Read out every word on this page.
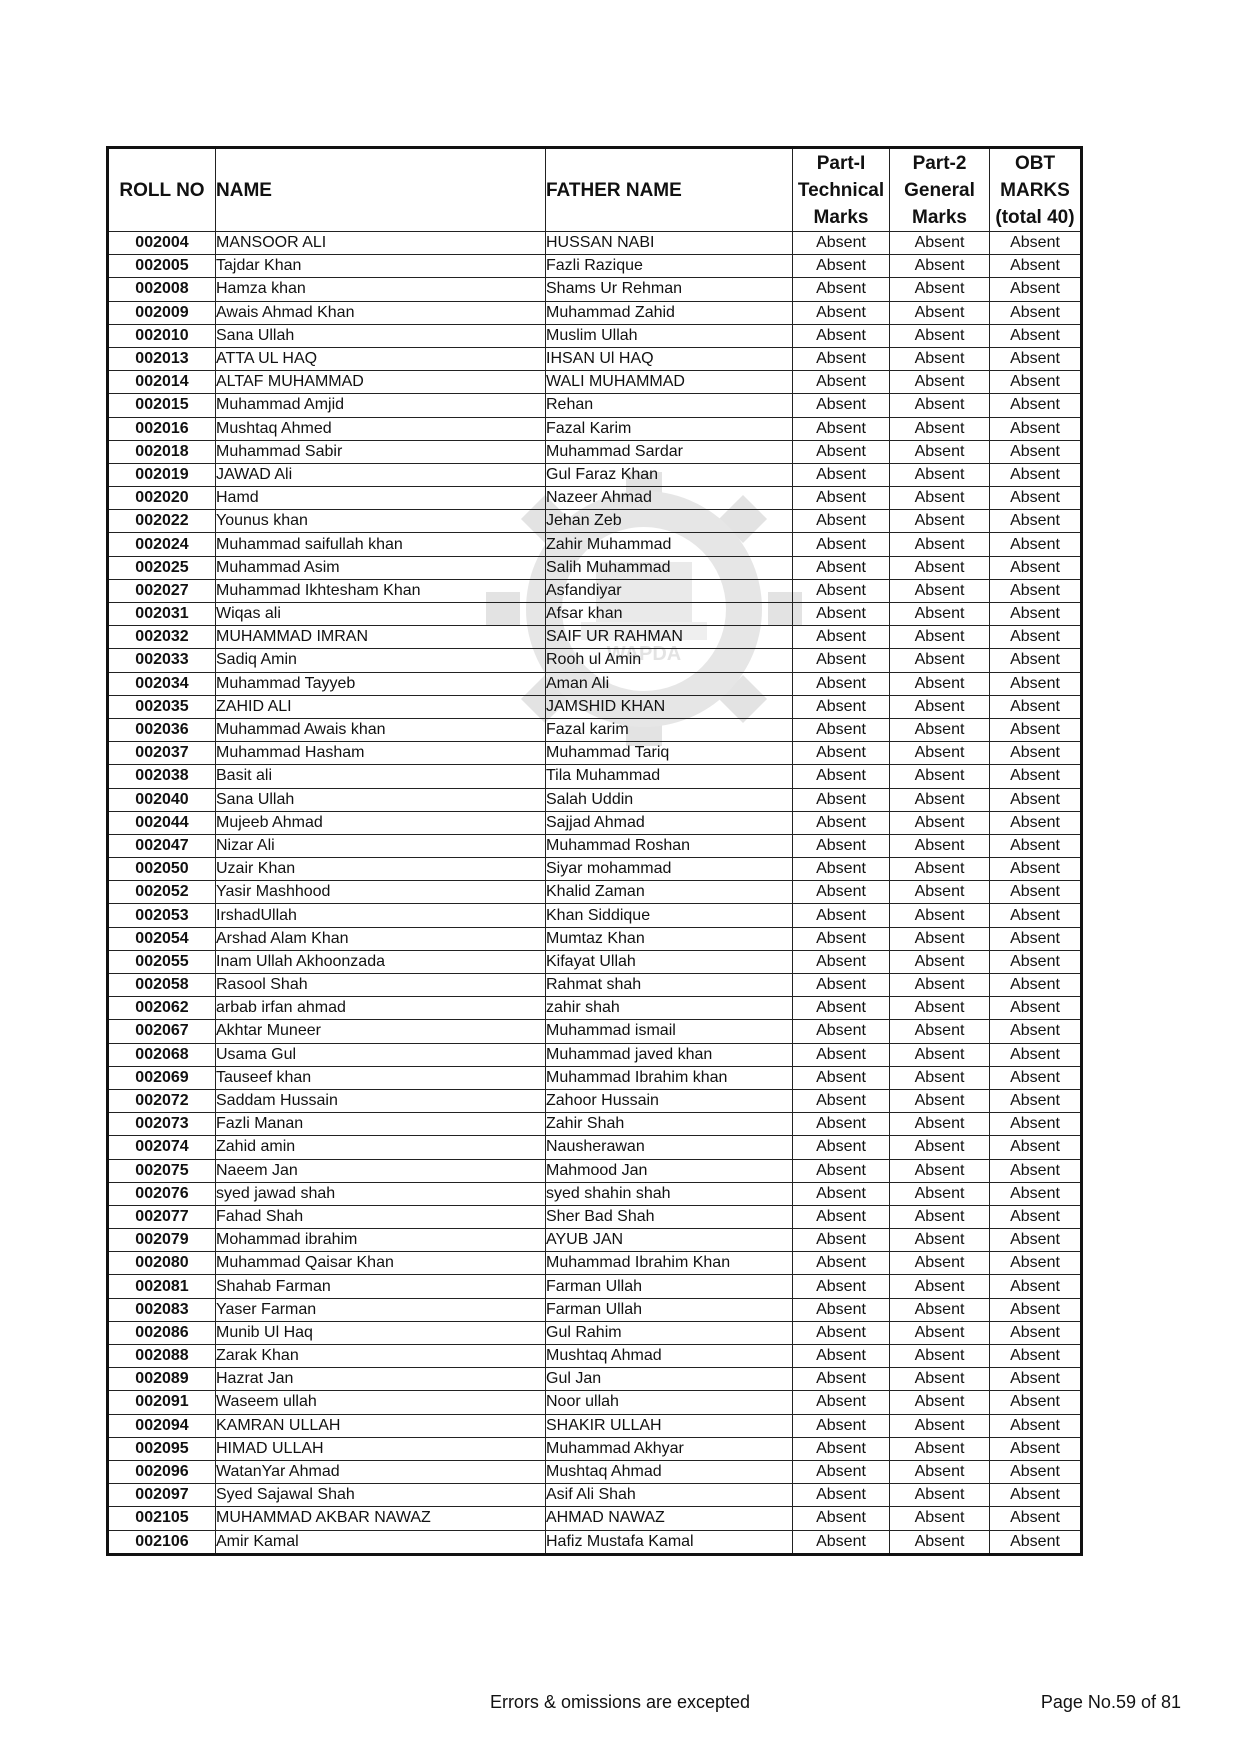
WAPDA
ROLL NO	NAME	FATHER NAME	Part-I
Technical
Marks	Part-2
General
Marks	OBT
MARKS
(total 40)
002004	MANSOOR ALI	HUSSAN NABI	Absent	Absent	Absent
002005	Tajdar Khan	Fazli Razique	Absent	Absent	Absent
002008	Hamza khan	Shams Ur Rehman	Absent	Absent	Absent
002009	Awais Ahmad Khan	Muhammad Zahid	Absent	Absent	Absent
002010	Sana Ullah	Muslim Ullah	Absent	Absent	Absent
002013	ATTA UL HAQ	IHSAN Ul HAQ	Absent	Absent	Absent
002014	ALTAF MUHAMMAD	WALI MUHAMMAD	Absent	Absent	Absent
002015	Muhammad Amjid	Rehan	Absent	Absent	Absent
002016	Mushtaq Ahmed	Fazal Karim	Absent	Absent	Absent
002018	Muhammad Sabir	Muhammad Sardar	Absent	Absent	Absent
002019	JAWAD Ali	Gul Faraz Khan	Absent	Absent	Absent
002020	Hamd	Nazeer Ahmad	Absent	Absent	Absent
002022	Younus khan	Jehan Zeb	Absent	Absent	Absent
002024	Muhammad saifullah khan	Zahir Muhammad	Absent	Absent	Absent
002025	Muhammad Asim	Salih Muhammad	Absent	Absent	Absent
002027	Muhammad Ikhtesham Khan	Asfandiyar	Absent	Absent	Absent
002031	Wiqas ali	Afsar khan	Absent	Absent	Absent
002032	MUHAMMAD IMRAN	SAIF UR RAHMAN	Absent	Absent	Absent
002033	Sadiq Amin	Rooh ul Amin	Absent	Absent	Absent
002034	Muhammad Tayyeb	Aman Ali	Absent	Absent	Absent
002035	ZAHID ALI	JAMSHID KHAN	Absent	Absent	Absent
002036	Muhammad Awais khan	Fazal karim	Absent	Absent	Absent
002037	Muhammad Hasham	Muhammad Tariq	Absent	Absent	Absent
002038	Basit ali	Tila Muhammad	Absent	Absent	Absent
002040	Sana Ullah	Salah Uddin	Absent	Absent	Absent
002044	Mujeeb Ahmad	Sajjad Ahmad	Absent	Absent	Absent
002047	Nizar Ali	Muhammad Roshan	Absent	Absent	Absent
002050	Uzair Khan	Siyar mohammad	Absent	Absent	Absent
002052	Yasir Mashhood	Khalid Zaman	Absent	Absent	Absent
002053	IrshadUllah	Khan Siddique	Absent	Absent	Absent
002054	Arshad Alam Khan	Mumtaz Khan	Absent	Absent	Absent
002055	Inam Ullah Akhoonzada	Kifayat Ullah	Absent	Absent	Absent
002058	Rasool Shah	Rahmat shah	Absent	Absent	Absent
002062	arbab irfan ahmad	zahir shah	Absent	Absent	Absent
002067	Akhtar Muneer	Muhammad ismail	Absent	Absent	Absent
002068	Usama Gul	Muhammad javed khan	Absent	Absent	Absent
002069	Tauseef khan	Muhammad Ibrahim khan	Absent	Absent	Absent
002072	Saddam Hussain	Zahoor Hussain	Absent	Absent	Absent
002073	Fazli Manan	Zahir Shah	Absent	Absent	Absent
002074	Zahid amin	Nausherawan	Absent	Absent	Absent
002075	Naeem Jan	Mahmood Jan	Absent	Absent	Absent
002076	syed jawad shah	syed shahin shah	Absent	Absent	Absent
002077	Fahad Shah	Sher Bad Shah	Absent	Absent	Absent
002079	Mohammad ibrahim	AYUB JAN	Absent	Absent	Absent
002080	Muhammad Qaisar Khan	Muhammad Ibrahim Khan	Absent	Absent	Absent
002081	Shahab Farman	Farman Ullah	Absent	Absent	Absent
002083	Yaser Farman	Farman Ullah	Absent	Absent	Absent
002086	Munib Ul Haq	Gul Rahim	Absent	Absent	Absent
002088	Zarak Khan	Mushtaq Ahmad	Absent	Absent	Absent
002089	Hazrat Jan	Gul Jan	Absent	Absent	Absent
002091	Waseem ullah	Noor ullah	Absent	Absent	Absent
002094	KAMRAN ULLAH	SHAKIR ULLAH	Absent	Absent	Absent
002095	HIMAD ULLAH	Muhammad Akhyar	Absent	Absent	Absent
002096	WatanYar Ahmad	Mushtaq Ahmad	Absent	Absent	Absent
002097	Syed Sajawal Shah	Asif Ali Shah	Absent	Absent	Absent
002105	MUHAMMAD AKBAR NAWAZ	AHMAD NAWAZ	Absent	Absent	Absent
002106	Amir Kamal	Hafiz Mustafa Kamal	Absent	Absent	Absent
Errors & omissions are excepted	Page No.59 of 81
